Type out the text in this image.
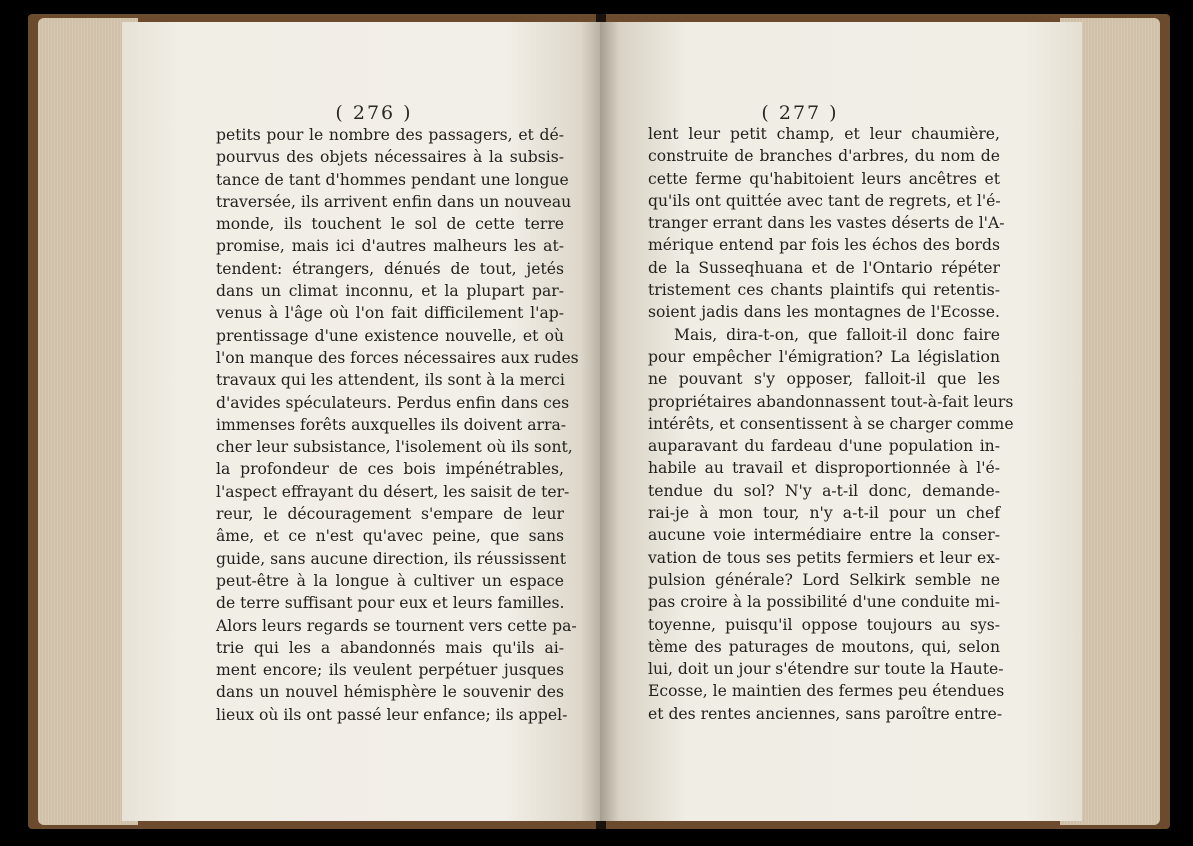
( 276 )
petits pour le nombre des passagers, et dé-
pourvus des objets nécessaires à la subsis-
tance de tant d'hommes pendant une longue
traversée, ils arrivent enfin dans un nouveau
monde, ils touchent le sol de cette terre
promise, mais ici d'autres malheurs les at-
tendent: étrangers, dénués de tout, jetés
dans un climat inconnu, et la plupart par-
venus à l'âge où l'on fait difficilement l'ap-
prentissage d'une existence nouvelle, et où
l'on manque des forces nécessaires aux rudes
travaux qui les attendent, ils sont à la merci
d'avides spéculateurs. Perdus enfin dans ces
immenses forêts auxquelles ils doivent arra-
cher leur subsistance, l'isolement où ils sont,
la profondeur de ces bois impénétrables,
l'aspect effrayant du désert, les saisit de ter-
reur, le découragement s'empare de leur
âme, et ce n'est qu'avec peine, que sans
guide, sans aucune direction, ils réussissent
peut-être à la longue à cultiver un espace
de terre suffisant pour eux et leurs familles.
Alors leurs regards se tournent vers cette pa-
trie qui les a abandonnés mais qu'ils ai-
ment encore; ils veulent perpétuer jusques
dans un nouvel hémisphère le souvenir des
lieux où ils ont passé leur enfance; ils appel-
( 277 )
lent leur petit champ, et leur chaumière,
construite de branches d'arbres, du nom de
cette ferme qu'habitoient leurs ancêtres et
qu'ils ont quittée avec tant de regrets, et l'é-
tranger errant dans les vastes déserts de l'A-
mérique entend par fois les échos des bords
de la Susseqhuana et de l'Ontario répéter
tristement ces chants plaintifs qui retentis-
soient jadis dans les montagnes de l'Ecosse.
Mais, dira-t-on, que falloit-il donc faire
pour empêcher l'émigration? La législation
ne pouvant s'y opposer, falloit-il que les
propriétaires abandonnassent tout-à-fait leurs
intérêts, et consentissent à se charger comme
auparavant du fardeau d'une population in-
habile au travail et disproportionnée à l'é-
tendue du sol? N'y a-t-il donc, demande-
rai-je à mon tour, n'y a-t-il pour un chef
aucune voie intermédiaire entre la conser-
vation de tous ses petits fermiers et leur ex-
pulsion générale? Lord Selkirk semble ne
pas croire à la possibilité d'une conduite mi-
toyenne, puisqu'il oppose toujours au sys-
tème des paturages de moutons, qui, selon
lui, doit un jour s'étendre sur toute la Haute-
Ecosse, le maintien des fermes peu étendues
et des rentes anciennes, sans paroître entre-
